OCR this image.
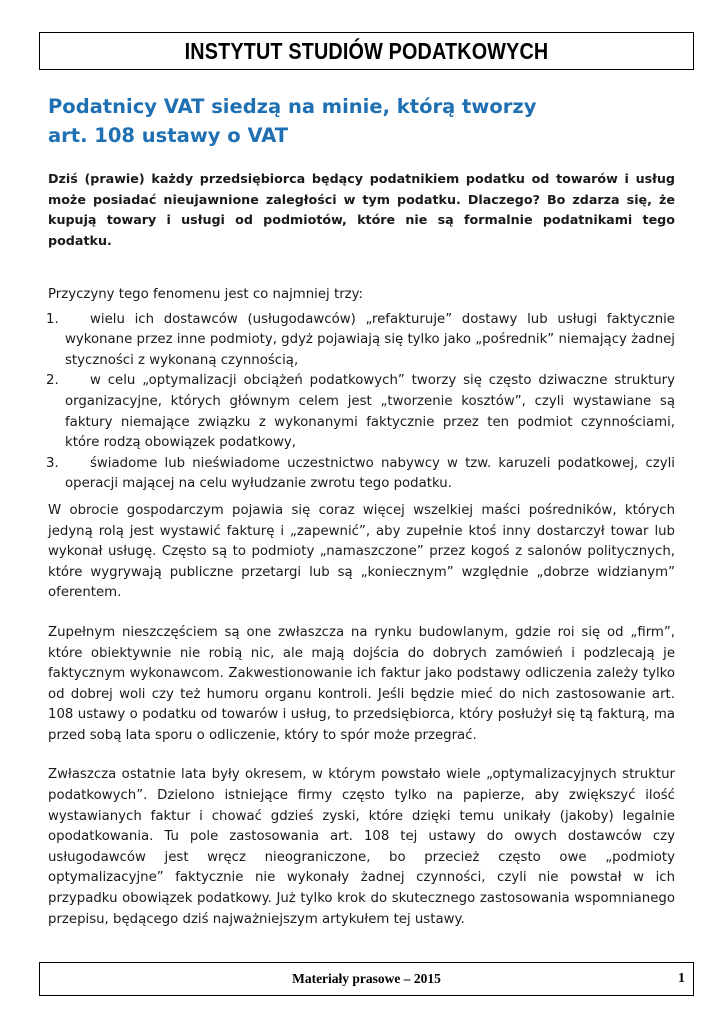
INSTYTUT STUDIÓW PODATKOWYCH
Podatnicy VAT siedzą na minie, którą tworzy
art. 108 ustawy o VAT

Dziś (prawie) każdy przedsiębiorca będący podatnikiem podatku od towarów i usług może posiadać nieujawnione zaległości w tym podatku. Dlaczego? Bo zdarza się, że kupują towary i usługi od podmiotów, które nie są formalnie podatnikami tego podatku.

Przyczyny tego fenomenu jest co najmniej trzy:

1. wielu ich dostawców (usługodawców) „refakturuje” dostawy lub usługi faktycznie wykonane przez inne podmioty, gdyż pojawiają się tylko jako „pośrednik” niemający żadnej styczności z wykonaną czynnością,
2. w celu „optymalizacji obciążeń podatkowych” tworzy się często dziwaczne struktury organizacyjne, których głównym celem jest „tworzenie kosztów”, czyli wystawiane są faktury niemające związku z wykonanymi faktycznie przez ten podmiot czynnościami, które rodzą obowiązek podatkowy,
3. świadome lub nieświadome uczestnictwo nabywcy w tzw. karuzeli podatkowej, czyli operacji mającej na celu wyłudzanie zwrotu tego podatku.

W obrocie gospodarczym pojawia się coraz więcej wszelkiej maści pośredników, których jedyną rolą jest wystawić fakturę i „zapewnić”, aby zupełnie ktoś inny dostarczył towar lub wykonał usługę. Często są to podmioty „namaszczone” przez kogoś z salonów politycznych, które wygrywają publiczne przetargi lub są „koniecznym” względnie „dobrze widzianym” oferentem.

Zupełnym nieszczęściem są one zwłaszcza na rynku budowlanym, gdzie roi się od „firm”, które obiektywnie nie robią nic, ale mają dojścia do dobrych zamówień i podzlecają je faktycznym wykonawcom. Zakwestionowanie ich faktur jako podstawy odliczenia zależy tylko od dobrej woli czy też humoru organu kontroli. Jeśli będzie mieć do nich zastosowanie art. 108 ustawy o podatku od towarów i usług, to przedsiębiorca, który posłużył się tą fakturą, ma przed sobą lata sporu o odliczenie, który to spór może przegrać.

Zwłaszcza ostatnie lata były okresem, w którym powstało wiele „optymalizacyjnych struktur podatkowych”. Dzielono istniejące firmy często tylko na papierze, aby zwiększyć ilość wystawianych faktur i chować gdzieś zyski, które dzięki temu unikały (jakoby) legalnie opodatkowania. Tu pole zastosowania art. 108 tej ustawy do owych dostawców czy usługodawców jest wręcz nieograniczone, bo przecież często owe „podmioty optymalizacyjne” faktycznie nie wykonały żadnej czynności, czyli nie powstał w ich przypadku obowiązek podatkowy. Już tylko krok do skutecznego zastosowania wspomnianego przepisu, będącego dziś najważniejszym artykułem tej ustawy.

Materiały prasowe – 2015	1
